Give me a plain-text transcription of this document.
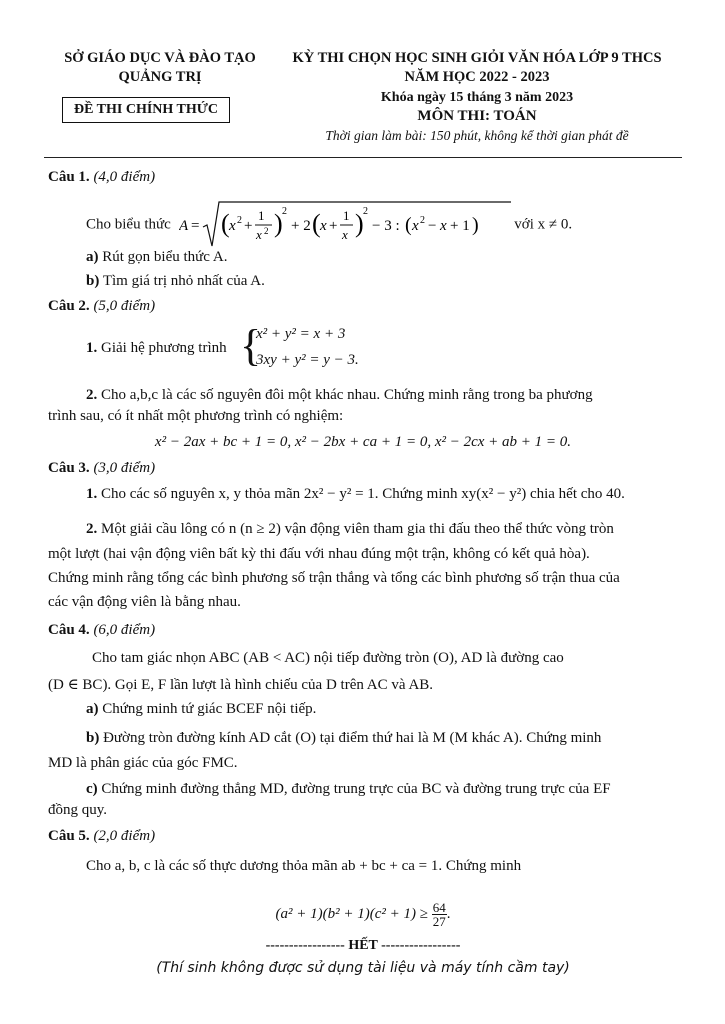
SỞ GIÁO DỤC VÀ ĐÀO TẠO
QUẢNG TRỊ
ĐỀ THI CHÍNH THỨC
KỲ THI CHỌN HỌC SINH GIỎI VĂN HÓA LỚP 9 THCS
NĂM HỌC 2022 - 2023
Khóa ngày 15 tháng 3 năm 2023
MÔN THI: TOÁN
Thời gian làm bài: 150 phút, không kể thời gian phát đề
Câu 1. (4,0 điểm)
Cho biểu thức A = ( x 2 +
1
x 2 ) 2
+ 2 ( x +
1
x ) 2
− 3 : ( x 2 − x + 1 ) với x ≠ 0.
a) Rút gọn biểu thức A.
b) Tìm giá trị nhỏ nhất của A.
Câu 2. (5,0 điểm)
1. Giải hệ phương trình {
x² + y² = x + 3
3xy + y² = y − 3.
2. Cho a,b,c là các số nguyên đôi một khác nhau. Chứng minh rằng trong ba phương
trình sau, có ít nhất một phương trình có nghiệm:
x² − 2ax + bc + 1 = 0, x² − 2bx + ca + 1 = 0, x² − 2cx + ab + 1 = 0.
Câu 3. (3,0 điểm)
1. Cho các số nguyên x, y thỏa mãn 2x² − y² = 1. Chứng minh xy(x² − y²) chia hết cho 40.
2. Một giải cầu lông có n (n ≥ 2) vận động viên tham gia thi đấu theo thể thức vòng tròn
một lượt (hai vận động viên bất kỳ thi đấu với nhau đúng một trận, không có kết quả hòa).
Chứng minh rằng tổng các bình phương số trận thắng và tổng các bình phương số trận thua của
các vận động viên là bằng nhau.
Câu 4. (6,0 điểm)
Cho tam giác nhọn ABC (AB < AC) nội tiếp đường tròn (O), AD là đường cao
(D ∈ BC). Gọi E, F lần lượt là hình chiếu của D trên AC và AB.
a) Chứng minh tứ giác BCEF nội tiếp.
b) Đường tròn đường kính AD cắt (O) tại điểm thứ hai là M (M khác A). Chứng minh
MD là phân giác của góc FMC.
c) Chứng minh đường thẳng MD, đường trung trực của BC và đường trung trực của EF
đồng quy.
Câu 5. (2,0 điểm)
Cho a, b, c là các số thực dương thỏa mãn ab + bc + ca = 1. Chứng minh
$(a^2 + 1)(b^2 + 1)(c^2 + 1) \ge \frac{64}{27}$ .
----------------- HẾT -----------------
(Thí sinh không được sử dụng tài liệu và máy tính cầm tay)
